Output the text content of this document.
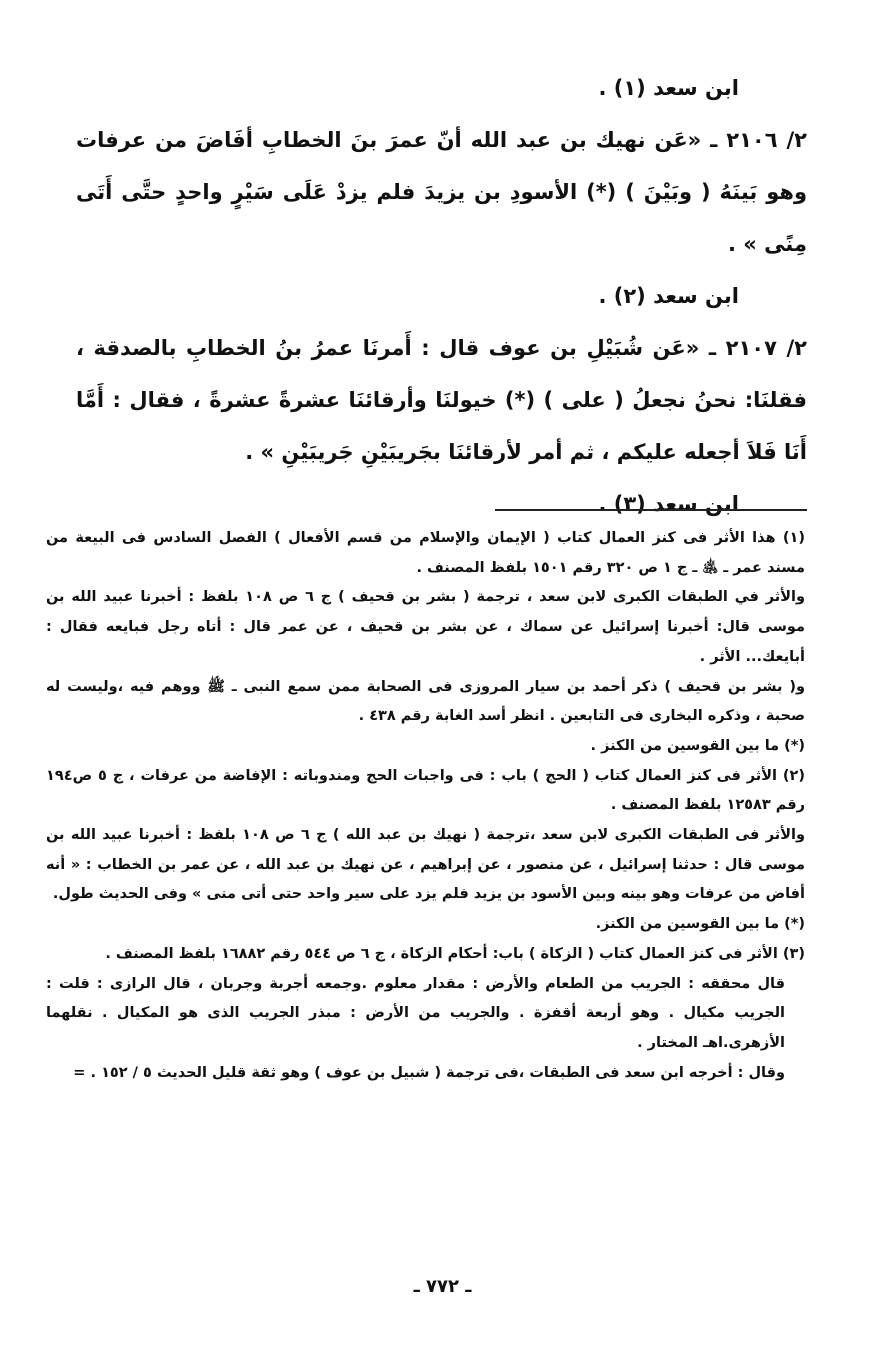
ابن سعد (١) .

٢/ ٢١٠٦ ـ «عَن نهيك بن عبد الله أنّ عمرَ بنَ الخطابِ أفَاضَ من عرفات وهو بَينَهُ ( وبَيْنَ ) (*) الأسودِ بن يزيدَ فلم يزدْ عَلَى سَيْرٍ واحدٍ حتَّى أَتَى مِنًى » .

ابن سعد (٢) .

٢/ ٢١٠٧ ـ «عَن شُبَيْلِ بن عوف قال : أَمرنَا عمرُ بنُ الخطابِ بالصدقة ، فقلنَا: نحنُ نجعلُ ( على ) (*) خيولنَا وأرقائنَا عشرةً عشرةً ، فقال : أَمَّا أَنَا فَلاَ أجعله عليكم ، ثم أمر لأرقائنَا بجَريبَيْنِ جَريبَيْنِ » .

ابن سعد (٣) .

(١) هذا الأثر فى كنز العمال كتاب ( الإيمان والإسلام من قسم الأفعال ) الفصل السادس فى البيعة من مسند عمر ـ ﵁ ـ ج ١ ص ٣٢٠ رقم ١٥٠١ بلفظ المصنف .

والأثر في الطبقات الكبرى لابن سعد ، ترجمة ( بشر بن قحيف ) ج ٦ ص ١٠٨ بلفظ : أخبرنا عبيد الله بن موسى قال: أخبرنا إسرائيل عن سماك ، عن بشر بن قحيف ، عن عمر قال : أتاه رجل فبايعه فقال : أبايعك... الأثر .

و( بشر بن قحيف ) ذكر أحمد بن سيار المروزى فى الصحابة ممن سمع النبى ـ ﷺ ووهم فيه ،وليست له صحبة ، وذكره البخارى فى التابعين . انظر أسد الغابة رقم ٤٣٨ .

(*) ما بين القوسين من الكنز .

(٢) الأثر فى كنز العمال كتاب ( الحج ) باب : فى واجبات الحج ومندوباته : الإفاضة من عرفات ، ج ٥ ص١٩٤ رقم ١٢٥٨٣ بلفظ المصنف .

والأثر فى الطبقات الكبرى لابن سعد ،ترجمة ( نهيك بن عبد الله ) ج ٦ ص ١٠٨ بلفظ : أخبرنا عبيد الله بن موسى قال : حدثنا إسرائيل ، عن منصور ، عن إبراهيم ، عن نهيك بن عبد الله ، عن عمر بن الخطاب : « أنه أفاض من عرفات وهو بينه وبين الأسود بن يزيد فلم يزد على سير واحد حتى أتى منى » وفى الحديث طول.

(*) ما بين القوسين من الكنز.

(٣) الأثر فى كنز العمال كتاب ( الزكاة ) باب: أحكام الزكاة ، ج ٦ ص ٥٤٤ رقم ١٦٨٨٢ بلفظ المصنف .

قال محققه : الجريب من الطعام والأرض : مقدار معلوم .وجمعه أجربة وجربان ، قال الرازى : قلت : الجريب مكيال . وهو أربعة أقفزة . والجريب من الأرض : مبذر الجريب الذى هو المكيال . نقلهما الأزهرى.اهـ المختار .

وقال : أخرجه ابن سعد فى الطبقات ،فى ترجمة ( شبيل بن عوف ) وهو ثقة قليل الحديث ٥ / ١٥٢ . =

ـ ٧٧٢ ـ
